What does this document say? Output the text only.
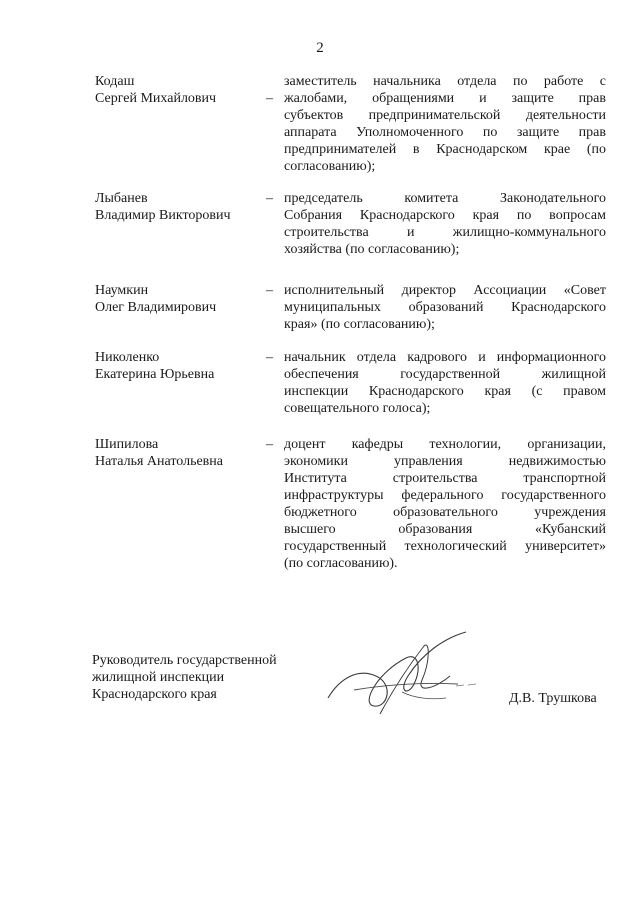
2
Кодаш
Сергей Михайлович	–
заместитель начальника отдела по работе с
жалобами, обращениями и защите прав
субъектов предпринимательской деятельности
аппарата Уполномоченного по защите прав
предпринимателей в Краснодарском крае (по
согласованию);
Лыбанев
Владимир Викторович
– председатель комитета Законодательного
Собрания Краснодарского края по вопросам
строительства и жилищно-коммунального
хозяйства (по согласованию);
Наумкин
Олег Владимирович
– исполнительный директор Ассоциации «Совет
муниципальных образований Краснодарского
края» (по согласованию);
Николенко
Екатерина Юрьевна
– начальник отдела кадрового и информационного
обеспечения государственной жилищной
инспекции Краснодарского края (с правом
совещательного голоса);
Шипилова
Наталья Анатольевна
– доцент кафедры технологии, организации,
экономики управления недвижимостью
Института строительства транспортной
инфраструктуры федерального государственного
бюджетного образовательного учреждения
высшего образования «Кубанский
государственный технологический университет»
(по согласованию).
Руководитель государственной
жилищной инспекции
Краснодарского края	Д.В. Трушкова
